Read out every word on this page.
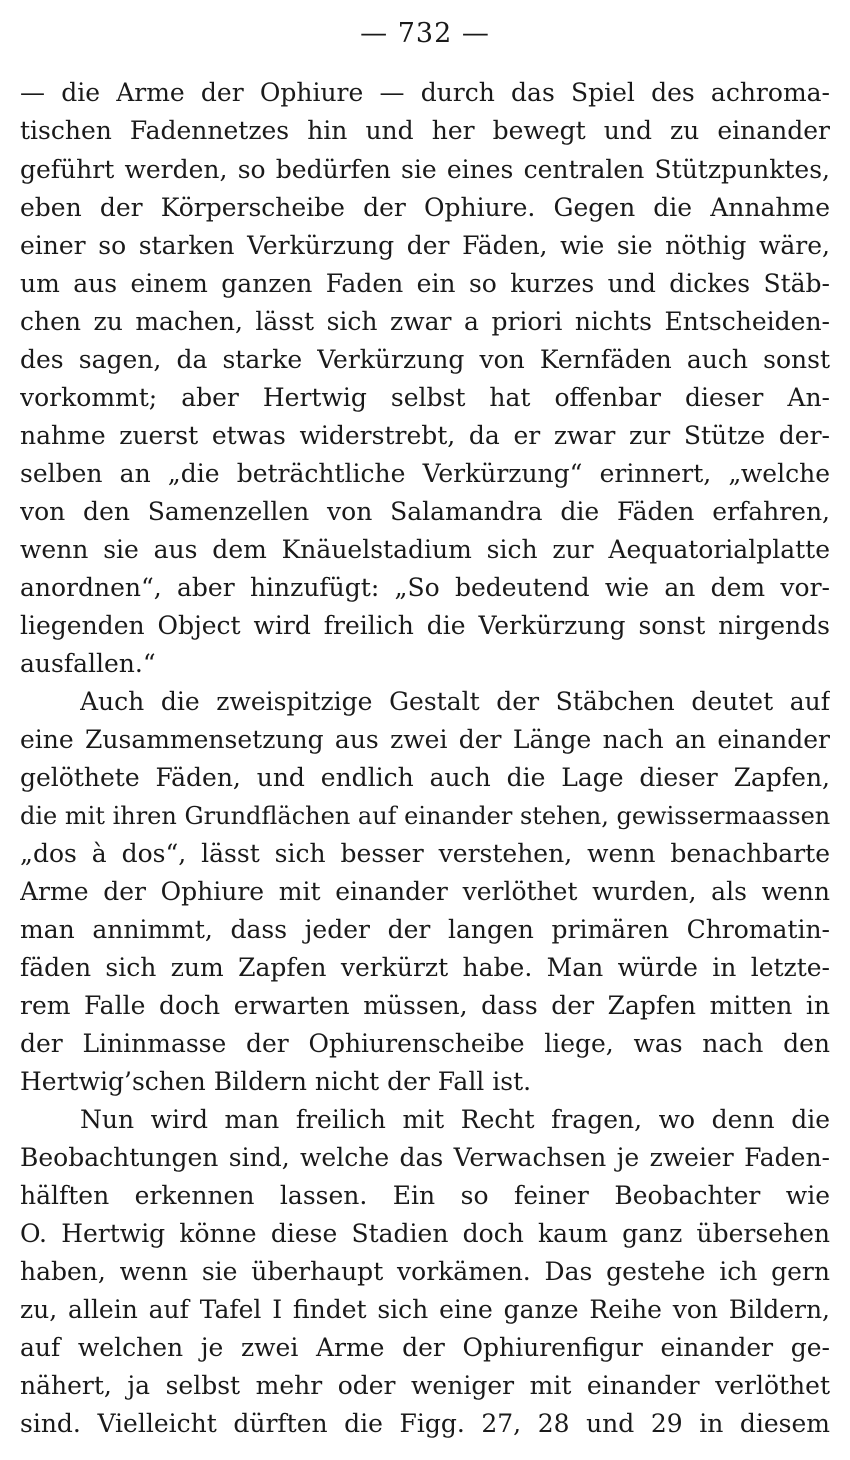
— 732 —
— die Arme der Ophiure — durch das Spiel des achroma-
tischen Fadennetzes hin und her bewegt und zu einander
geführt werden, so bedürfen sie eines centralen Stützpunktes,
eben der Körperscheibe der Ophiure. Gegen die Annahme
einer so starken Verkürzung der Fäden, wie sie nöthig wäre,
um aus einem ganzen Faden ein so kurzes und dickes Stäb-
chen zu machen, lässt sich zwar a priori nichts Entscheiden-
des sagen, da starke Verkürzung von Kernfäden auch sonst
vorkommt; aber Hertwig selbst hat offenbar dieser An-
nahme zuerst etwas widerstrebt, da er zwar zur Stütze der-
selben an „die beträchtliche Verkürzung“ erinnert, „welche
von den Samenzellen von Salamandra die Fäden erfahren,
wenn sie aus dem Knäuelstadium sich zur Aequatorialplatte
anordnen“, aber hinzufügt: „So bedeutend wie an dem vor-
liegenden Object wird freilich die Verkürzung sonst nirgends
ausfallen.“
Auch die zweispitzige Gestalt der Stäbchen deutet auf
eine Zusammensetzung aus zwei der Länge nach an einander
gelöthete Fäden, und endlich auch die Lage dieser Zapfen,
die mit ihren Grundflächen auf einander stehen, gewissermaassen
„dos à dos“, lässt sich besser verstehen, wenn benachbarte
Arme der Ophiure mit einander verlöthet wurden, als wenn
man annimmt, dass jeder der langen primären Chromatin-
fäden sich zum Zapfen verkürzt habe. Man würde in letzte-
rem Falle doch erwarten müssen, dass der Zapfen mitten in
der Lininmasse der Ophiurenscheibe liege, was nach den
Hertwig’schen Bildern nicht der Fall ist.
Nun wird man freilich mit Recht fragen, wo denn die
Beobachtungen sind, welche das Verwachsen je zweier Faden-
hälften erkennen lassen. Ein so feiner Beobachter wie
O. Hertwig könne diese Stadien doch kaum ganz übersehen
haben, wenn sie überhaupt vorkämen. Das gestehe ich gern
zu, allein auf Tafel I findet sich eine ganze Reihe von Bildern,
auf welchen je zwei Arme der Ophiurenfigur einander ge-
nähert, ja selbst mehr oder weniger mit einander verlöthet
sind. Vielleicht dürften die Figg. 27, 28 und 29 in diesem
